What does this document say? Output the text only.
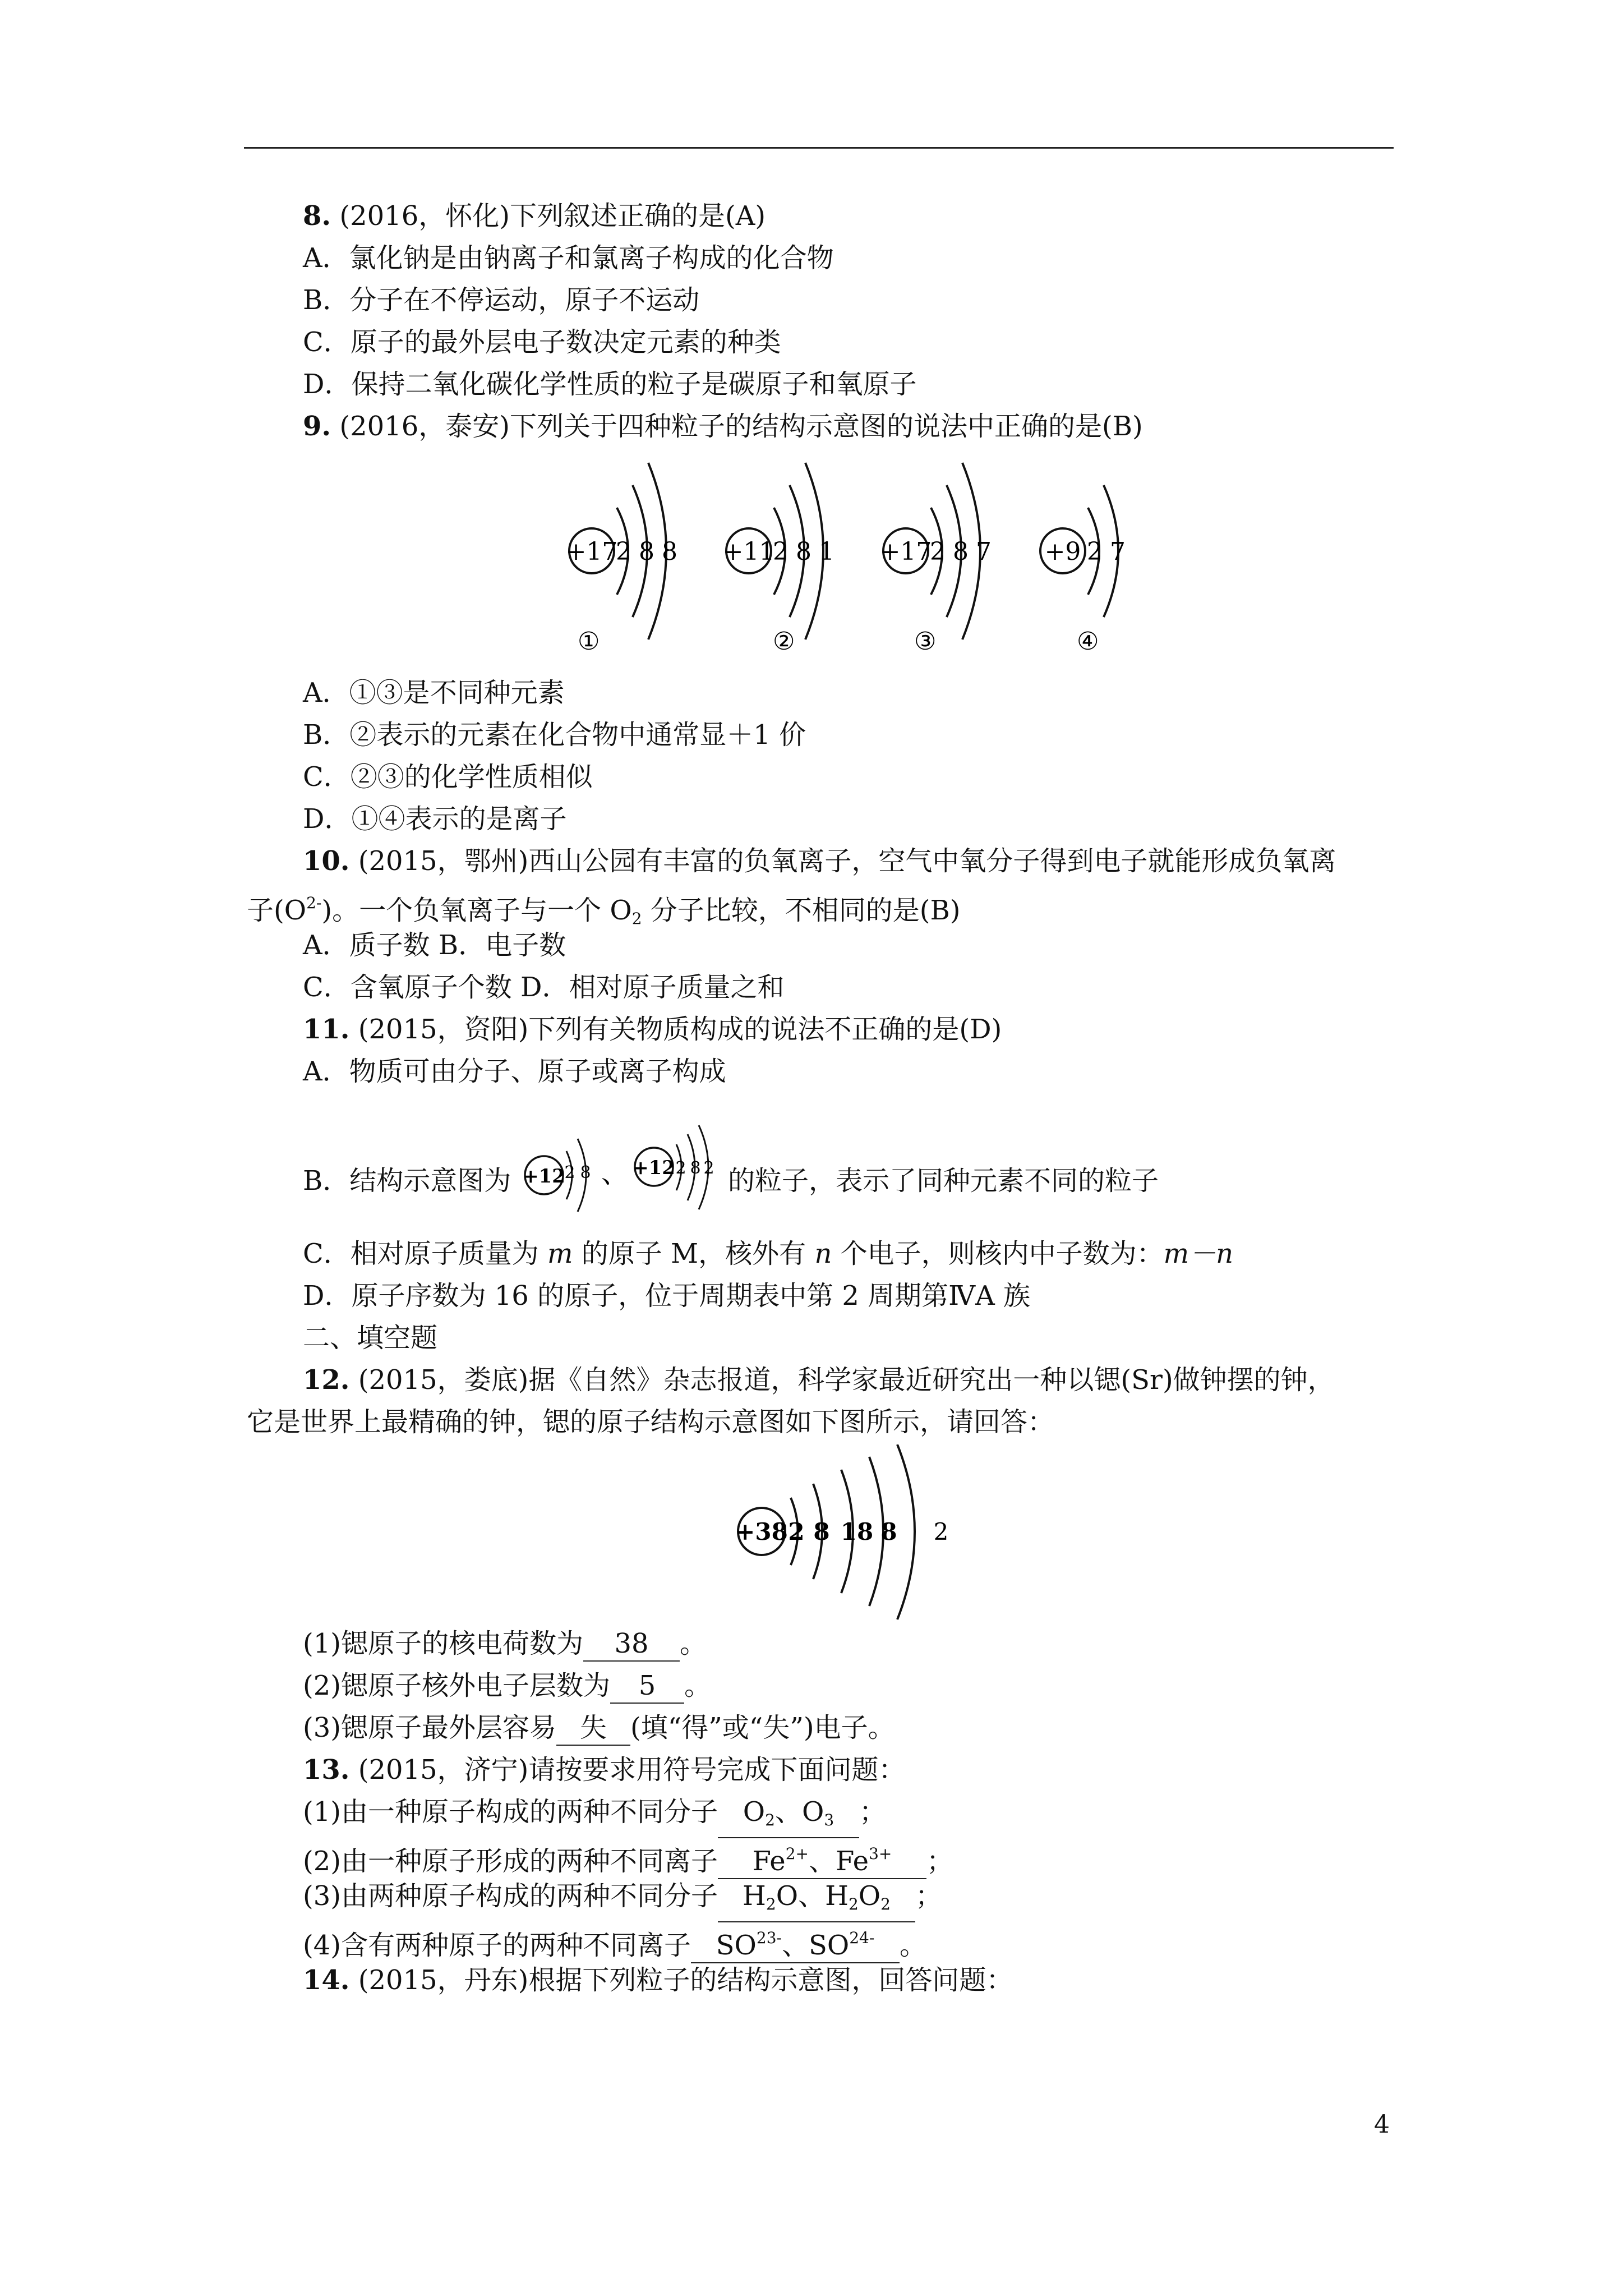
8. (2016，怀化)下列叙述正确的是(A)
A．氯化钠是由钠离子和氯离子构成的化合物
B．分子在不停运动，原子不运动
C．原子的最外层电子数决定元素的种类
D．保持二氧化碳化学性质的粒子是碳原子和氧原子
9. (2016，泰安)下列关于四种粒子的结构示意图的说法中正确的是(B)
+17
2 8 8
①
+11
2 8 1
②
+17
2 8 7
③
+9 2 7
④
A．①③是不同种元素
B．②表示的元素在化合物中通常显＋1 价
C．②③的化学性质相似
D．①④表示的是离子
10. (2015，鄂州)西山公园有丰富的负氧离子，空气中氧分子得到电子就能形成负氧离
子$(O^{2-})$。一个负氧离子与一个 $O_2$ 分子比较，不相同的是(B)
A．质子数 B．电子数
C．含氧原子个数 D．相对原子质量之和
11. (2015，资阳)下列有关物质构成的说法不正确的是(D)
A．物质可由分子、原子或离子构成
B．结构示意图为 +12
2 8 、 +12 2 8 2 的粒子，表示了同种元素不同的粒子
C．相对原子质量为 m 的原子 M，核外有 n 个电子，则核内中子数为：m－n
D．原子序数为 16 的原子，位于周期表中第 2 周期第ⅣA 族
二、填空题
12. (2015，娄底)据《自然》杂志报道，科学家最近研究出一种以锶(Sr)做钟摆的钟，
它是世界上最精确的钟，锶的原子结构示意图如下图所示，请回答：
+38 2 8 18 8 2
(1)锶原子的核电荷数为 38 。
(2)锶原子核外电子层数为 5 。
(3)锶原子最外层容易 失 (填“得”或“失”)电子。
13. (2015，济宁)请按要求用符号完成下面问题：
(1)由一种原子构成的两种不同分子 $O_2$、$O_3$ ；
(2)由一种原子形成的两种不同离子 $Fe^{2+}$、$Fe^{3+}$ ；
(3)由两种原子构成的两种不同分子 $H_2O$、$H_2O_2$ ；
(4)含有两种原子的两种不同离子 $SO^{23-}$、$SO^{24-}$ 。
14. (2015，丹东)根据下列粒子的结构示意图，回答问题：
4
